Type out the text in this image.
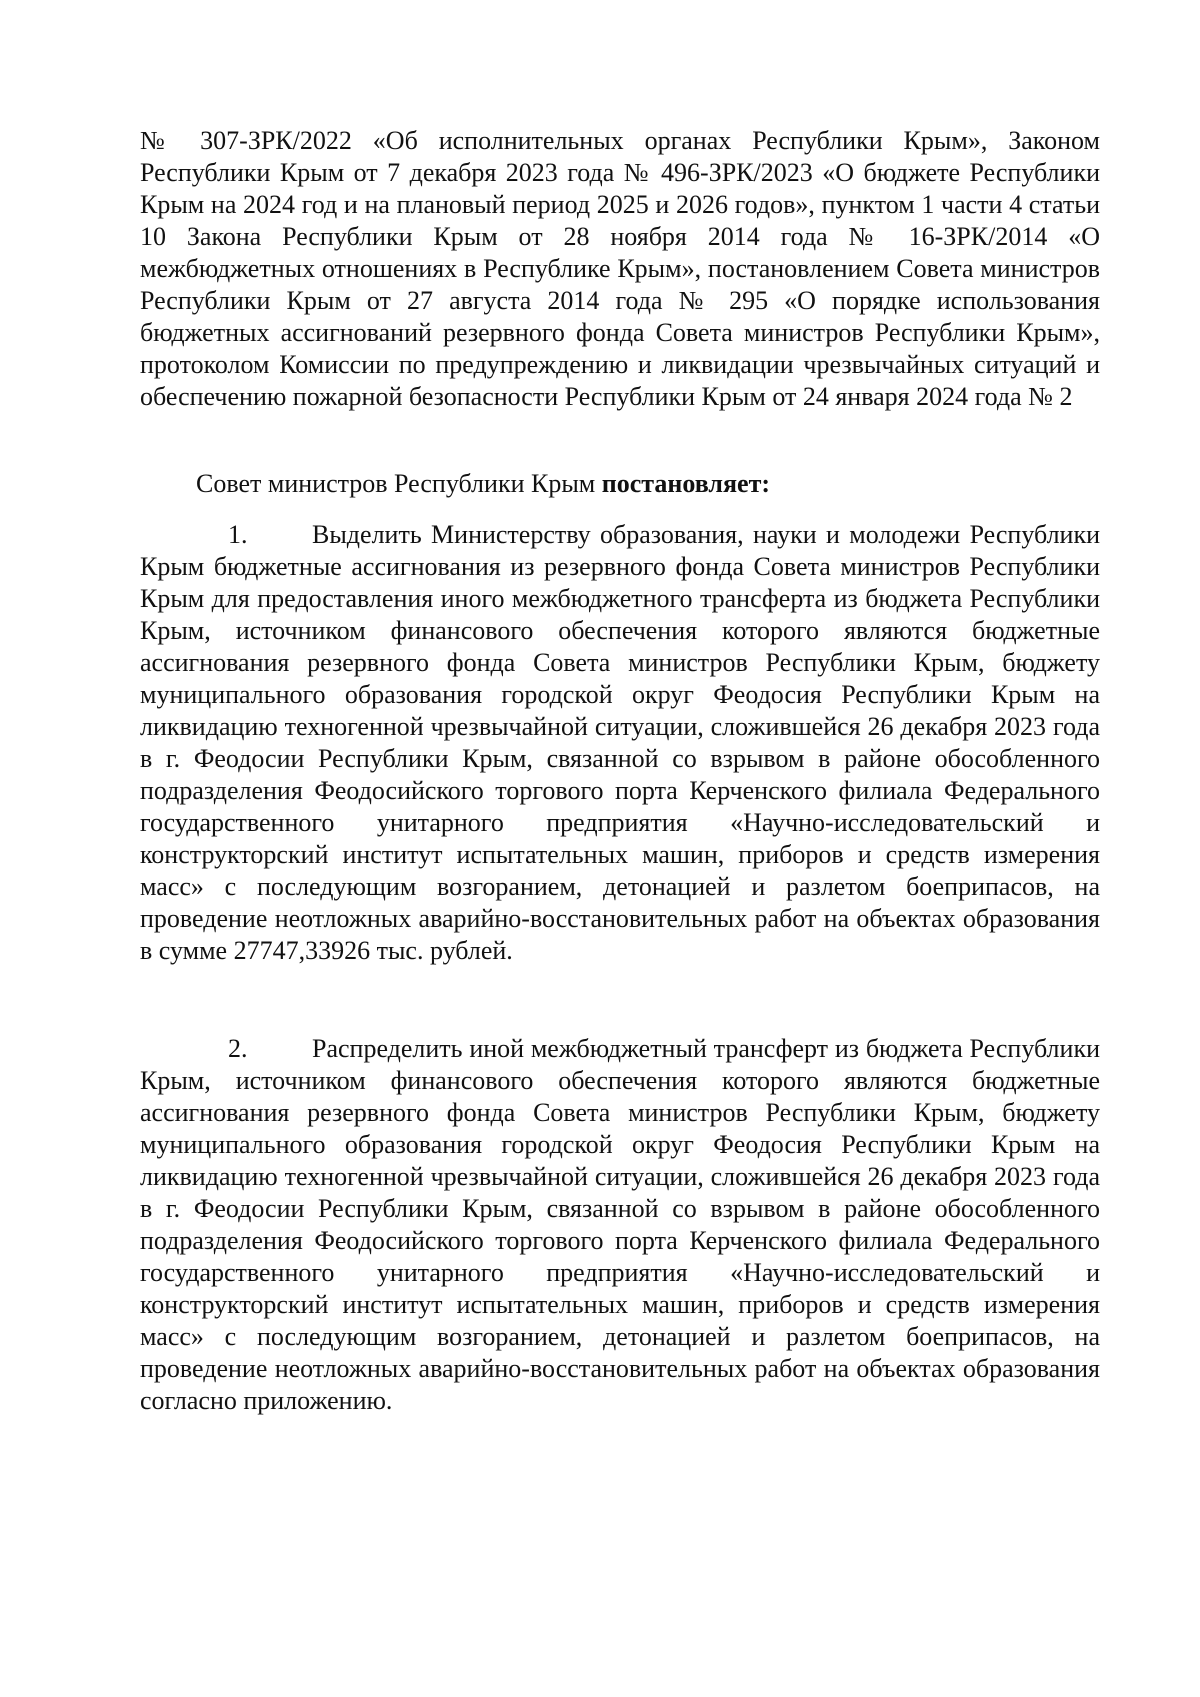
№ 307-ЗРК/2022 «Об исполнительных органах Республики Крым», Законом Республики Крым от 7 декабря 2023 года № 496-ЗРК/2023 «О бюджете Республики Крым на 2024 год и на плановый период 2025 и 2026 годов», пунктом 1 части 4 статьи 10 Закона Республики Крым от 28 ноября 2014 года № 16-ЗРК/2014 «О межбюджетных отношениях в Республике Крым», постановлением Совета министров Республики Крым от 27 августа 2014 года № 295 «О порядке использования бюджетных ассигнований резервного фонда Совета министров Республики Крым», протоколом Комиссии по предупреждению и ликвидации чрезвычайных ситуаций и обеспечению пожарной безопасности Республики Крым от 24 января 2024 года № 2
Совет министров Республики Крым постановляет:

1. Выделить Министерству образования, науки и молодежи Республики Крым бюджетные ассигнования из резервного фонда Совета министров Республики Крым для предоставления иного межбюджетного трансферта из бюджета Республики Крым, источником финансового обеспечения которого являются бюджетные ассигнования резервного фонда Совета министров Республики Крым, бюджету муниципального образования городской округ Феодосия Республики Крым на ликвидацию техногенной чрезвычайной ситуации, сложившейся 26 декабря 2023 года в г. Феодосии Республики Крым, связанной со взрывом в районе обособленного подразделения Феодосийского торгового порта Керченского филиала Федерального государственного унитарного предприятия «Научно-исследовательский и конструкторский институт испытательных машин, приборов и средств измерения масс» с последующим возгоранием, детонацией и разлетом боеприпасов, на проведение неотложных аварийно-восстановительных работ на объектах образования в сумме 27747,33926 тыс. рублей.

2. Распределить иной межбюджетный трансферт из бюджета Республики Крым, источником финансового обеспечения которого являются бюджетные ассигнования резервного фонда Совета министров Республики Крым, бюджету муниципального образования городской округ Феодосия Республики Крым на ликвидацию техногенной чрезвычайной ситуации, сложившейся 26 декабря 2023 года в г. Феодосии Республики Крым, связанной со взрывом в районе обособленного подразделения Феодосийского торгового порта Керченского филиала Федерального государственного унитарного предприятия «Научно-исследовательский и конструкторский институт испытательных машин, приборов и средств измерения масс» с последующим возгоранием, детонацией и разлетом боеприпасов, на проведение неотложных аварийно-восстановительных работ на объектах образования согласно приложению.
